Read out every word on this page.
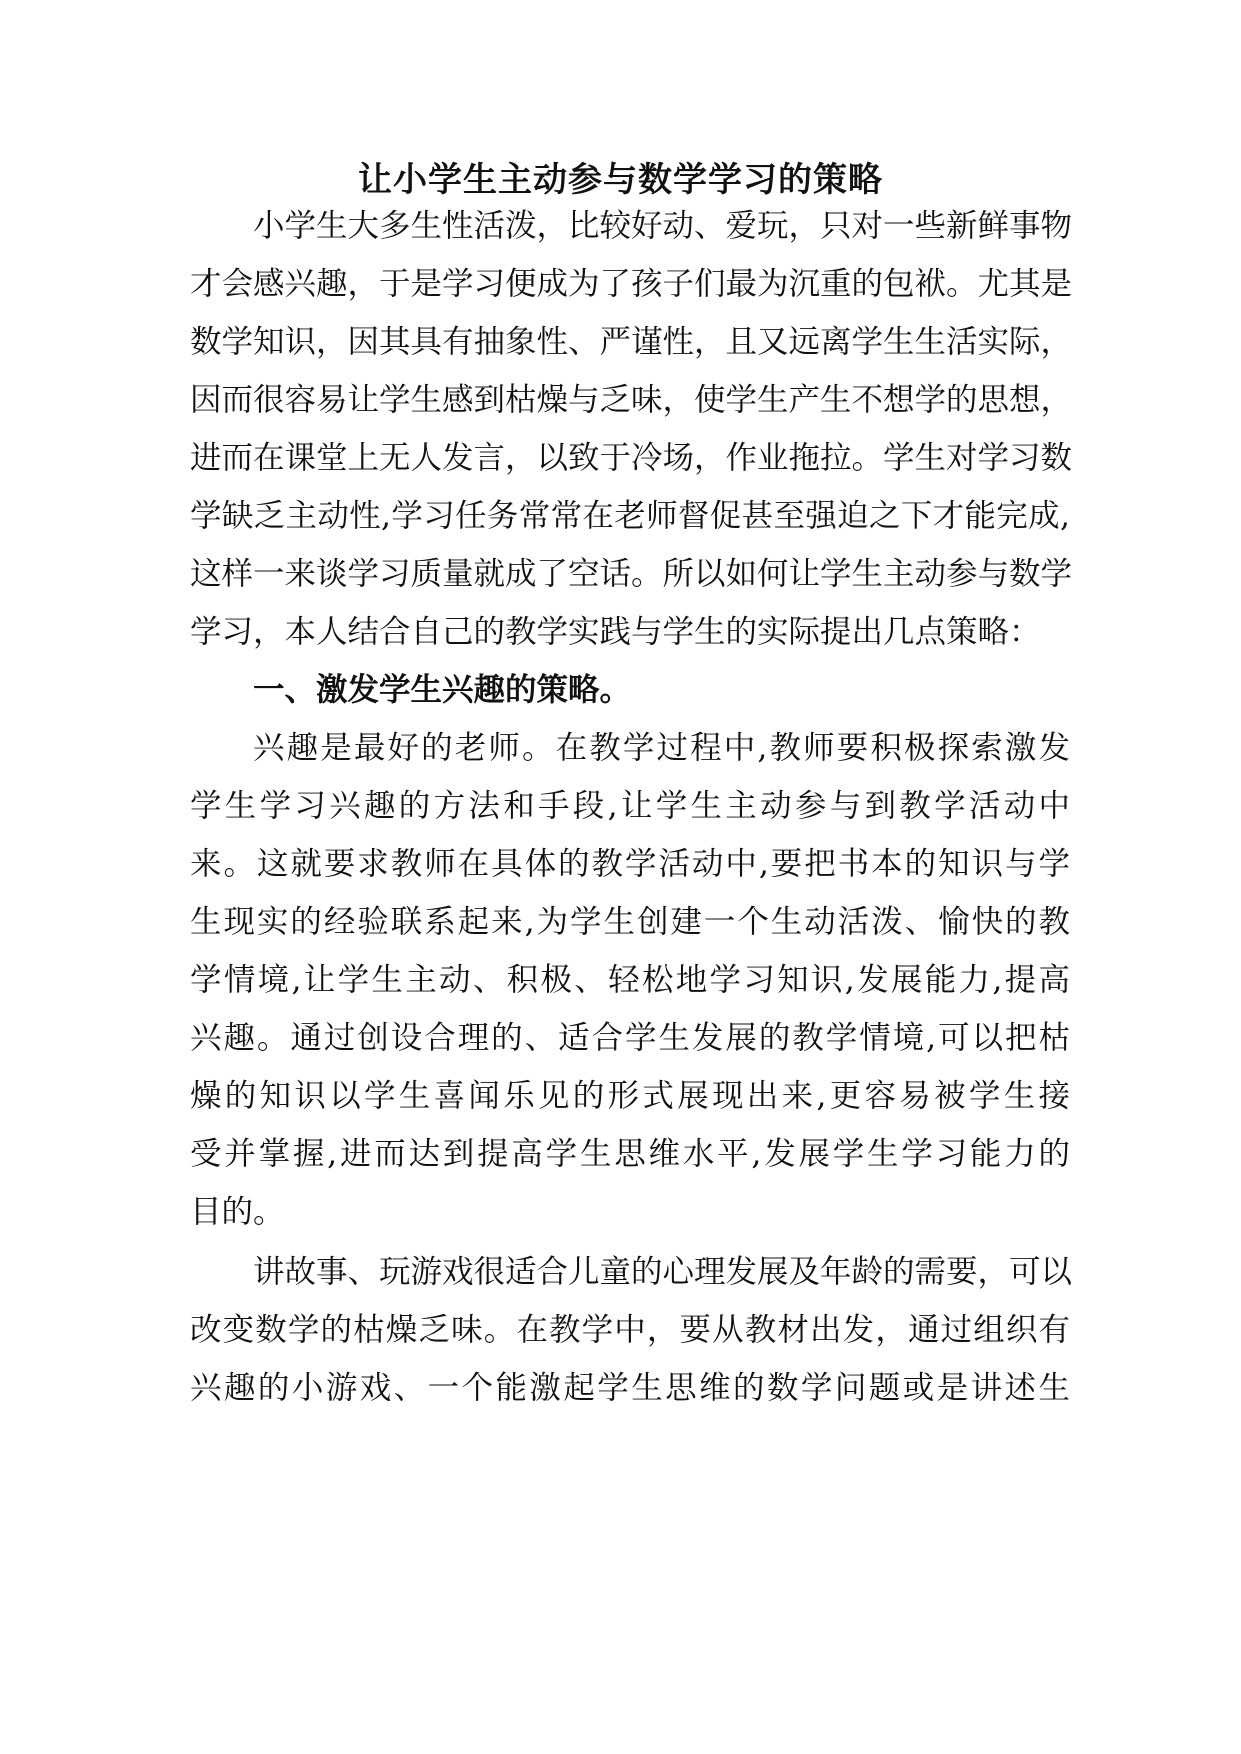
让小学生主动参与数学学习的策略

小学生大多生性活泼，比较好动、爱玩，只对一些新鲜事物

才会感兴趣，于是学习便成为了孩子们最为沉重的包袱。尤其是

数学知识，因其具有抽象性、严谨性，且又远离学生生活实际，

因而很容易让学生感到枯燥与乏味，使学生产生不想学的思想，

进而在课堂上无人发言，以致于冷场，作业拖拉。学生对学习数

学缺乏主动性,学习任务常常在老师督促甚至强迫之下才能完成,

这样一来谈学习质量就成了空话。所以如何让学生主动参与数学

学习，本人结合自己的教学实践与学生的实际提出几点策略：

一、激发学生兴趣的策略。

兴趣是最好的老师。在教学过程中,教师要积极探索激发

学生学习兴趣的方法和手段,让学生主动参与到教学活动中

来。这就要求教师在具体的教学活动中,要把书本的知识与学

生现实的经验联系起来,为学生创建一个生动活泼、愉快的教

学情境,让学生主动、积极、轻松地学习知识,发展能力,提高

兴趣。通过创设合理的、适合学生发展的教学情境,可以把枯

燥的知识以学生喜闻乐见的形式展现出来,更容易被学生接

受并掌握,进而达到提高学生思维水平,发展学生学习能力的

目的。

讲故事、玩游戏很适合儿童的心理发展及年龄的需要，可以

改变数学的枯燥乏味。在教学中，要从教材出发，通过组织有

兴趣的小游戏、一个能激起学生思维的数学问题或是讲述生
